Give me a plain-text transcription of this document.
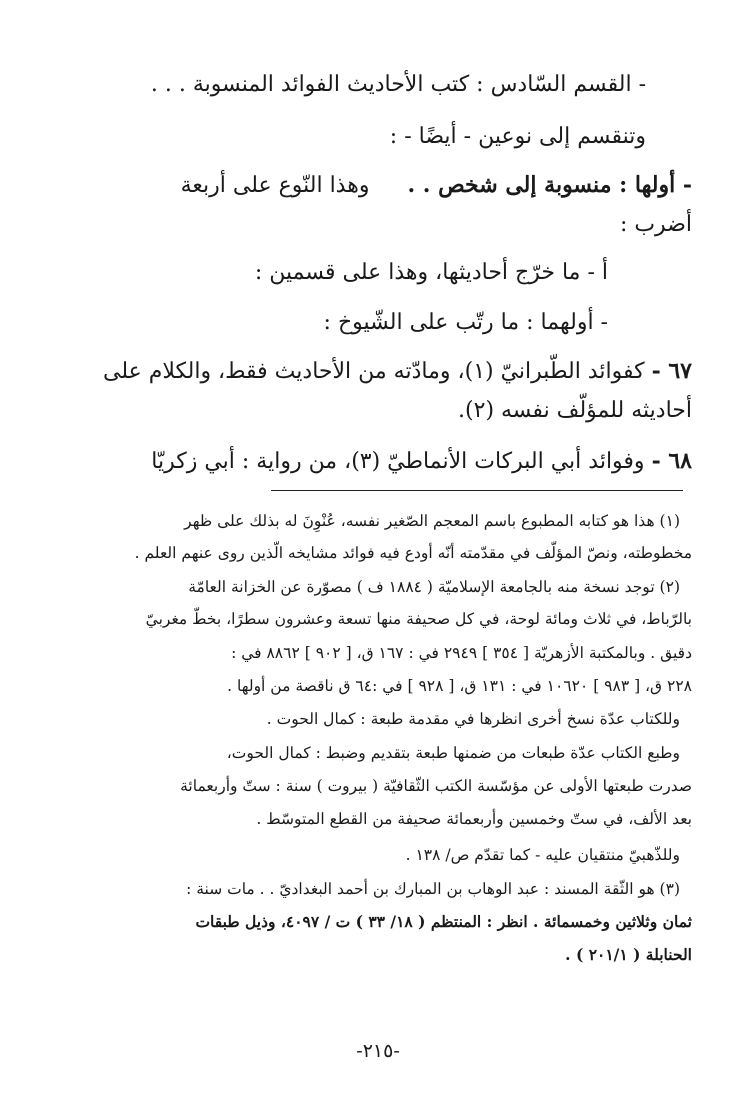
- القسم السّادس : كتب الأحاديث الفوائد المنسوبة . . .
وتنقسم إلى نوعين - أيضًا - :
- أولها : منسوبة إلى شخص . .  وهذا النّوع على أربعة
أضرب :
أ - ما خرّج أحاديثها، وهذا على قسمين :
- أولهما : ما رتّب على الشّيوخ :
٦٧ - كفوائد الطّبرانيّ (١)، ومادّته من الأحاديث فقط، والكلام على
أحاديثه للمؤلّف نفسه (٢).
٦٨ - وفوائد أبي البركات الأنماطيّ (٣)، من رواية : أبي زكريّا
(١) هذا هو كتابه المطبوع باسم المعجم الصّغير نفسه، عُنْوِنَ له بذلك على ظهر
مخطوطته، ونصّ المؤلّف في مقدّمته أنّه أودع فيه فوائد مشايخه الّذين روى عنهم العلم .
(٢) توجد نسخة منه بالجامعة الإسلاميّة ( ١٨٨٤ ف ) مصوّرة عن الخزانة العامّة
بالرّباط، في ثلاث ومائة لوحة، في كل صحيفة منها تسعة وعشرون سطرًا، بخطّ مغربيّ
دقيق . وبالمكتبة الأزهريّة [ ٣٥٤ ] ٢٩٤٩ في : ١٦٧ ق، [ ٩٠٢ ] ٨٨٦٢ في :
٢٢٨ ق، [ ٩٨٣ ] ١٠٦٢٠ في : ١٣١ ق، [ ٩٢٨ ] في :٦٤ ق ناقصة من أولها .
وللكتاب عدّة نسخ أخرى انظرها في مقدمة طبعة : كمال الحوت .
وطبع الكتاب عدّة طبعات من ضمنها طبعة بتقديم وضبط : كمال الحوت،
صدرت طبعتها الأولى عن مؤسّسة الكتب الثّقافيّة ( بيروت ) سنة : ستّ وأربعمائة
بعد الألف، في ستّ وخمسين وأربعمائة صحيفة من القطع المتوسّط .
وللذّهبيّ منتقيان عليه - كما تقدّم ص/ ١٣٨ .
(٣) هو الثّقة المسند : عبد الوهاب بن المبارك بن أحمد البغداديّ . . مات سنة :
ثمان وثلاثين وخمسمائة . انظر : المنتظم ( ١٨/ ٣٣ ) ت / ٤٠٩٧، وذيل طبقات
الحنابلة ( ٢٠١/١ ) .
-٢١٥-
